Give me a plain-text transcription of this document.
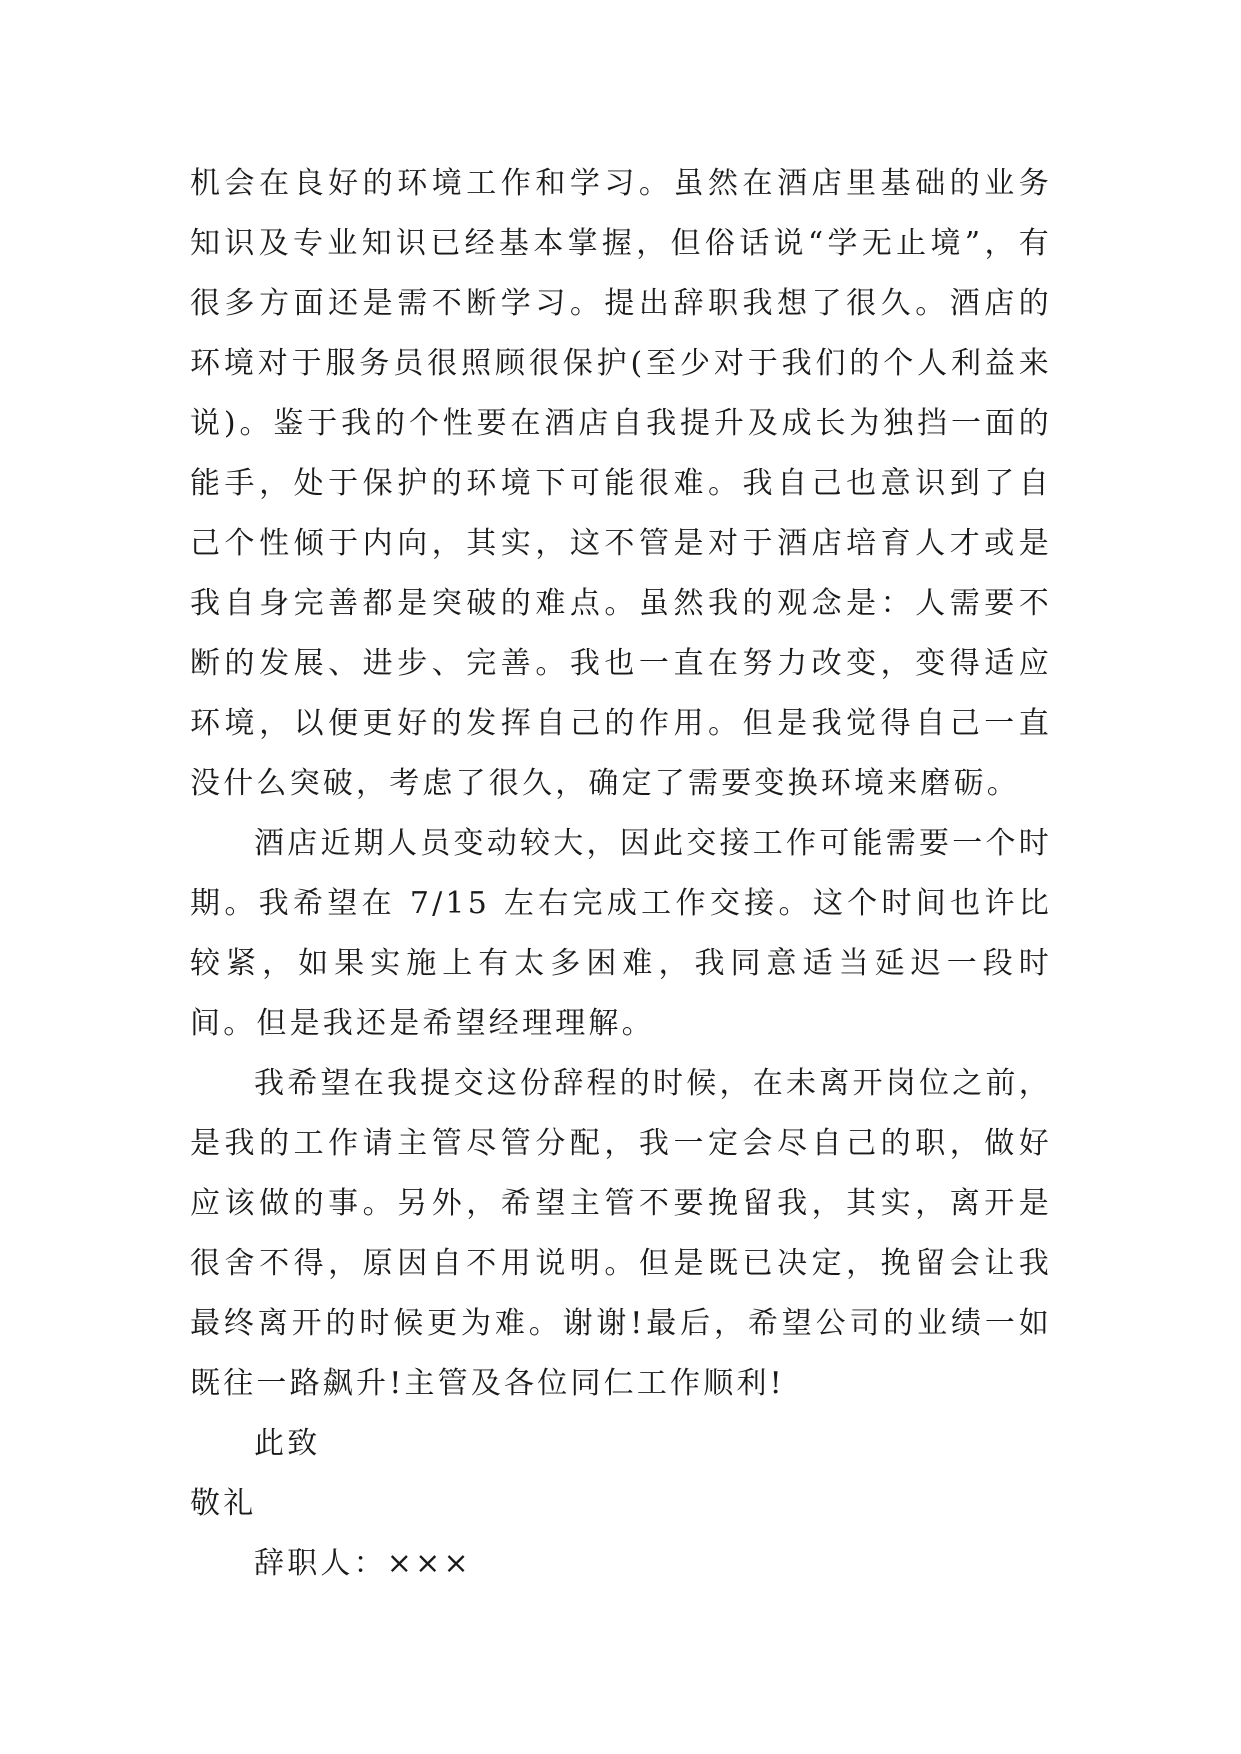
机会在良好的环境工作和学习。虽然在酒店里基础的业务知识及专业知识已经基本掌握，但俗话说“学无止境”，有很多方面还是需不断学习。提出辞职我想了很久。酒店的环境对于服务员很照顾很保护(至少对于我们的个人利益来说)。鉴于我的个性要在酒店自我提升及成长为独挡一面的能手，处于保护的环境下可能很难。我自己也意识到了自己个性倾于内向，其实，这不管是对于酒店培育人才或是我自身完善都是突破的难点。虽然我的观念是：人需要不断的发展、进步、完善。我也一直在努力改变，变得适应环境，以便更好的发挥自己的作用。但是我觉得自己一直没什么突破，考虑了很久，确定了需要变换环境来磨砺。

酒店近期人员变动较大，因此交接工作可能需要一个时期。我希望在 7/15 左右完成工作交接。这个时间也许比较紧，如果实施上有太多困难，我同意适当延迟一段时间。但是我还是希望经理理解。

我希望在我提交这份辞程的时候，在未离开岗位之前，是我的工作请主管尽管分配，我一定会尽自己的职，做好应该做的事。另外，希望主管不要挽留我，其实，离开是很舍不得，原因自不用说明。但是既已决定，挽留会让我最终离开的时候更为难。谢谢!最后，希望公司的业绩一如既往一路飙升!主管及各位同仁工作顺利!

此致

敬礼

辞职人：×××
